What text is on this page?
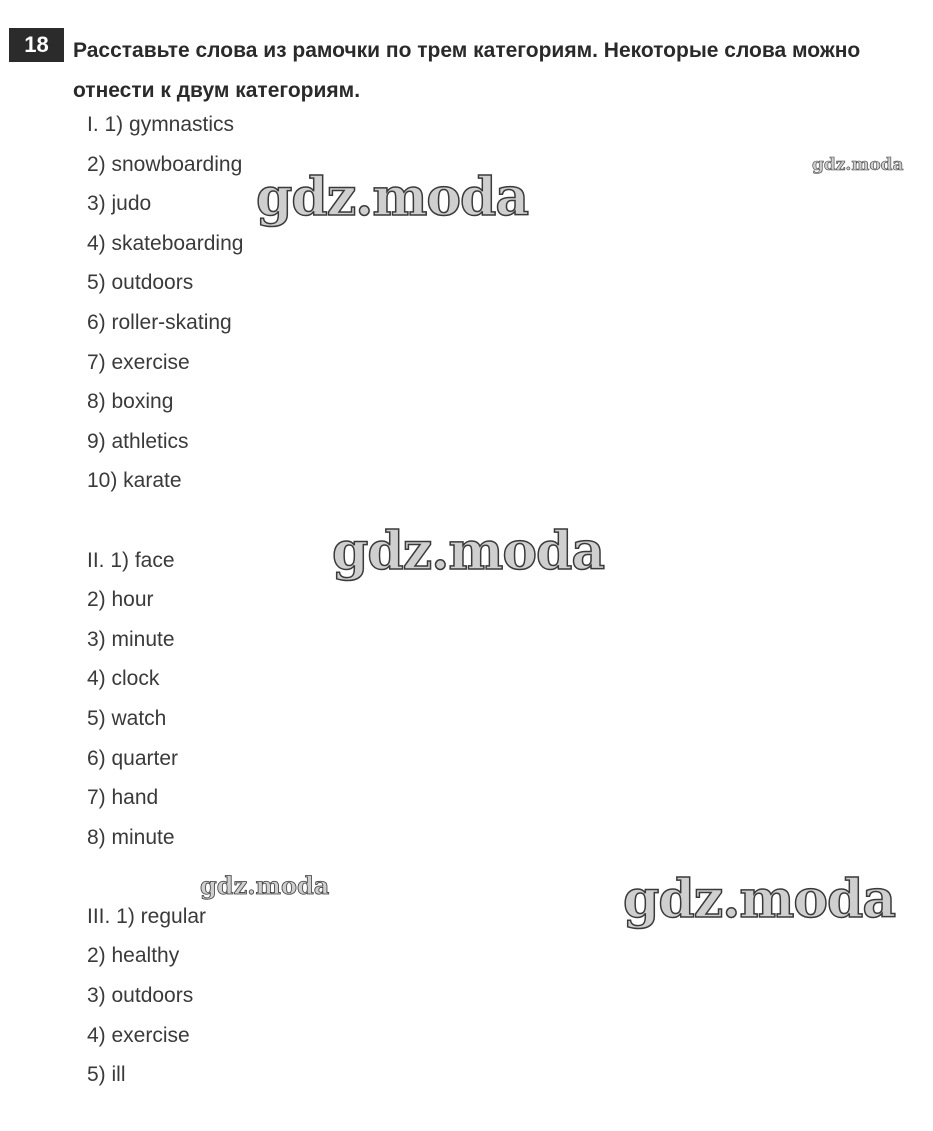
18	Расставьте слова из рамочки по трем категориям. Некоторые слова можно отнести к двум категориям.
I. 1) gymnastics
2) snowboarding
3) judo
4) skateboarding
5) outdoors
6) roller-skating
7) exercise
8) boxing
9) athletics
10) karate
II. 1) face
2) hour
3) minute
4) clock
5) watch
6) quarter
7) hand
8) minute
III. 1) regular
2) healthy
3) outdoors
4) exercise
5) ill
gdz.moda
gdz.moda
gdz.moda
gdz.moda	gdz.moda
